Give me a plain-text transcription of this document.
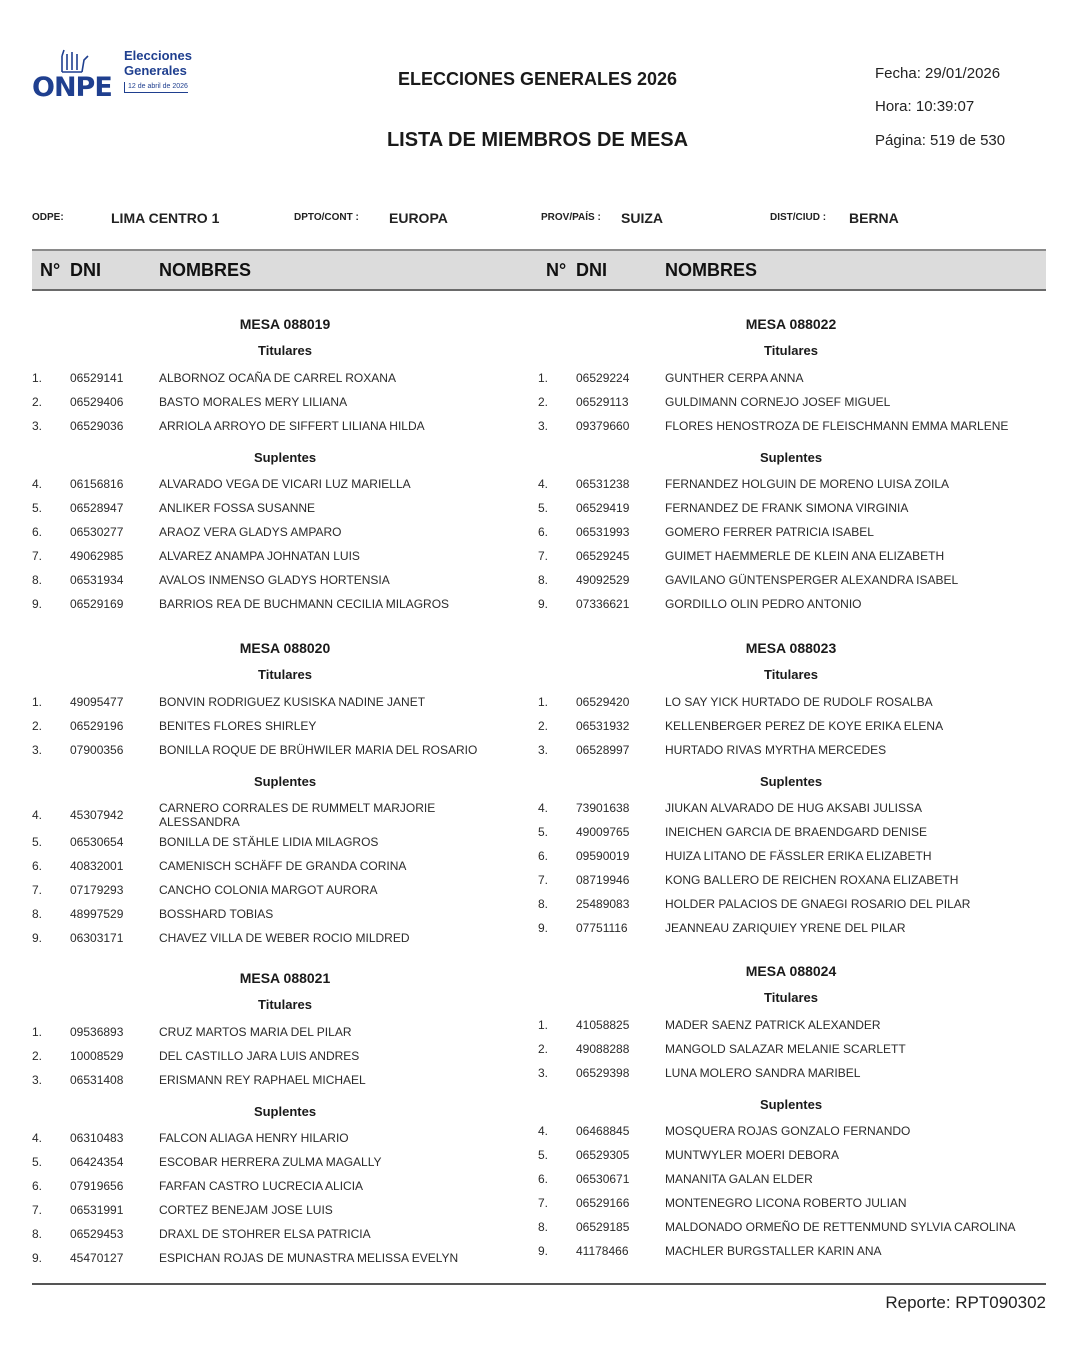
ONPE
Elecciones
Generales
12 de abril de 2026	ELECCIONES GENERALES 2026
LISTA DE MIEMBROS DE MESA
Fecha: 29/01/2026
Hora: 10:39:07
Página: 519 de 530
ODPE:	LIMA CENTRO 1	DPTO/CONT : EUROPA	PROV/PAÍS : SUIZA	DIST/CIUD : BERNA
N° DNI	NOMBRES	N° DNI	NOMBRES
MESA 088019
Titulares
1. 06529141	ALBORNOZ OCAÑA DE CARREL ROXANA
2. 06529406	BASTO MORALES MERY LILIANA
3. 06529036	ARRIOLA ARROYO DE SIFFERT LILIANA HILDA
Suplentes
4. 06156816	ALVARADO VEGA DE VICARI LUZ MARIELLA
5. 06528947	ANLIKER FOSSA SUSANNE
6. 06530277	ARAOZ VERA GLADYS AMPARO
7. 49062985	ALVAREZ ANAMPA JOHNATAN LUIS
8. 06531934	AVALOS INMENSO GLADYS HORTENSIA
9. 06529169	BARRIOS REA DE BUCHMANN CECILIA MILAGROS
MESA 088022
Titulares
1. 06529224	GUNTHER CERPA ANNA
2. 06529113	GULDIMANN CORNEJO JOSEF MIGUEL
3. 09379660	FLORES HENOSTROZA DE FLEISCHMANN EMMA MARLENE
Suplentes
4. 06531238	FERNANDEZ HOLGUIN DE MORENO LUISA ZOILA
5. 06529419	FERNANDEZ DE FRANK SIMONA VIRGINIA
6. 06531993	GOMERO FERRER PATRICIA ISABEL
7. 06529245	GUIMET HAEMMERLE DE KLEIN ANA ELIZABETH
8. 49092529	GAVILANO GÜNTENSPERGER ALEXANDRA ISABEL
9. 07336621	GORDILLO OLIN PEDRO ANTONIO
MESA 088020
Titulares
1. 49095477	BONVIN RODRIGUEZ KUSISKA NADINE JANET
2. 06529196	BENITES FLORES SHIRLEY
3. 07900356	BONILLA ROQUE DE BRÜHWILER MARIA DEL ROSARIO
Suplentes
4. 45307942	CARNERO CORRALES DE RUMMELT MARJORIE ALESSANDRA
5. 06530654	BONILLA DE STÄHLE LIDIA MILAGROS
6. 40832001	CAMENISCH SCHÄFF DE GRANDA CORINA
7. 07179293	CANCHO COLONIA MARGOT AURORA
8. 48997529	BOSSHARD TOBIAS
9. 06303171	CHAVEZ VILLA DE WEBER ROCIO MILDRED
MESA 088023
Titulares
1. 06529420	LO SAY YICK HURTADO DE RUDOLF ROSALBA
2. 06531932	KELLENBERGER PEREZ DE KOYE ERIKA ELENA
3. 06528997	HURTADO RIVAS MYRTHA MERCEDES
Suplentes
4. 73901638	JIUKAN ALVARADO DE HUG AKSABI JULISSA
5. 49009765	INEICHEN GARCIA DE BRAENDGARD DENISE
6. 09590019	HUIZA LITANO DE FÄSSLER ERIKA ELIZABETH
7. 08719946	KONG BALLERO DE REICHEN ROXANA ELIZABETH
8. 25489083	HOLDER PALACIOS DE GNAEGI ROSARIO DEL PILAR
9. 07751116	JEANNEAU ZARIQUIEY YRENE DEL PILAR
MESA 088021
Titulares
1. 09536893	CRUZ MARTOS MARIA DEL PILAR
2. 10008529	DEL CASTILLO JARA LUIS ANDRES
3. 06531408	ERISMANN REY RAPHAEL MICHAEL
Suplentes
4. 06310483	FALCON ALIAGA HENRY HILARIO
5. 06424354	ESCOBAR HERRERA ZULMA MAGALLY
6. 07919656	FARFAN CASTRO LUCRECIA ALICIA
7. 06531991	CORTEZ BENEJAM JOSE LUIS
8. 06529453	DRAXL DE STOHRER ELSA PATRICIA
9. 45470127	ESPICHAN ROJAS DE MUNASTRA MELISSA EVELYN
MESA 088024
Titulares
1. 41058825	MADER SAENZ PATRICK ALEXANDER
2. 49088288	MANGOLD SALAZAR MELANIE SCARLETT
3. 06529398	LUNA MOLERO SANDRA MARIBEL
Suplentes
4. 06468845	MOSQUERA ROJAS GONZALO FERNANDO
5. 06529305	MUNTWYLER MOERI DEBORA
6. 06530671	MANANITA GALAN ELDER
7. 06529166	MONTENEGRO LICONA ROBERTO JULIAN
8. 06529185	MALDONADO ORMEÑO DE RETTENMUND SYLVIA CAROLINA
9. 41178466	MACHLER BURGSTALLER KARIN ANA
Reporte: RPT090302
